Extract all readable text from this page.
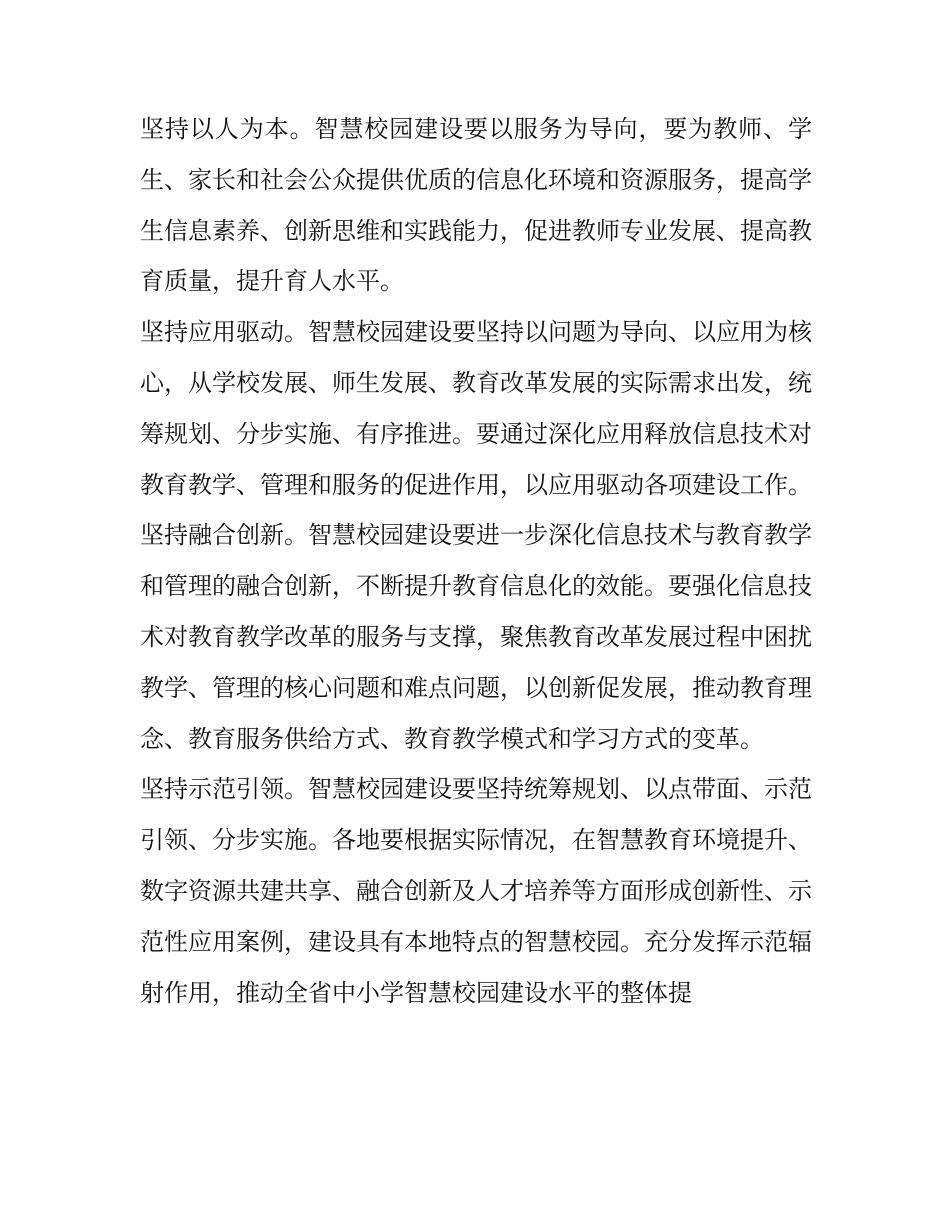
坚持以人为本。智慧校园建设要以服务为导向，要为教师、学生、家长和社会公众提供优质的信息化环境和资源服务，提高学生信息素养、创新思维和实践能力，促进教师专业发展、提高教育质量，提升育人水平。

坚持应用驱动。智慧校园建设要坚持以问题为导向、以应用为核心，从学校发展、师生发展、教育改革发展的实际需求出发，统筹规划、分步实施、有序推进。要通过深化应用释放信息技术对教育教学、管理和服务的促进作用，以应用驱动各项建设工作。

坚持融合创新。智慧校园建设要进一步深化信息技术与教育教学和管理的融合创新，不断提升教育信息化的效能。要强化信息技术对教育教学改革的服务与支撑，聚焦教育改革发展过程中困扰教学、管理的核心问题和难点问题，以创新促发展，推动教育理念、教育服务供给方式、教育教学模式和学习方式的变革。

坚持示范引领。智慧校园建设要坚持统筹规划、以点带面、示范引领、分步实施。各地要根据实际情况，在智慧教育环境提升、数字资源共建共享、融合创新及人才培养等方面形成创新性、示范性应用案例，建设具有本地特点的智慧校园。充分发挥示范辐射作用，推动全省中小学智慧校园建设水平的整体提
